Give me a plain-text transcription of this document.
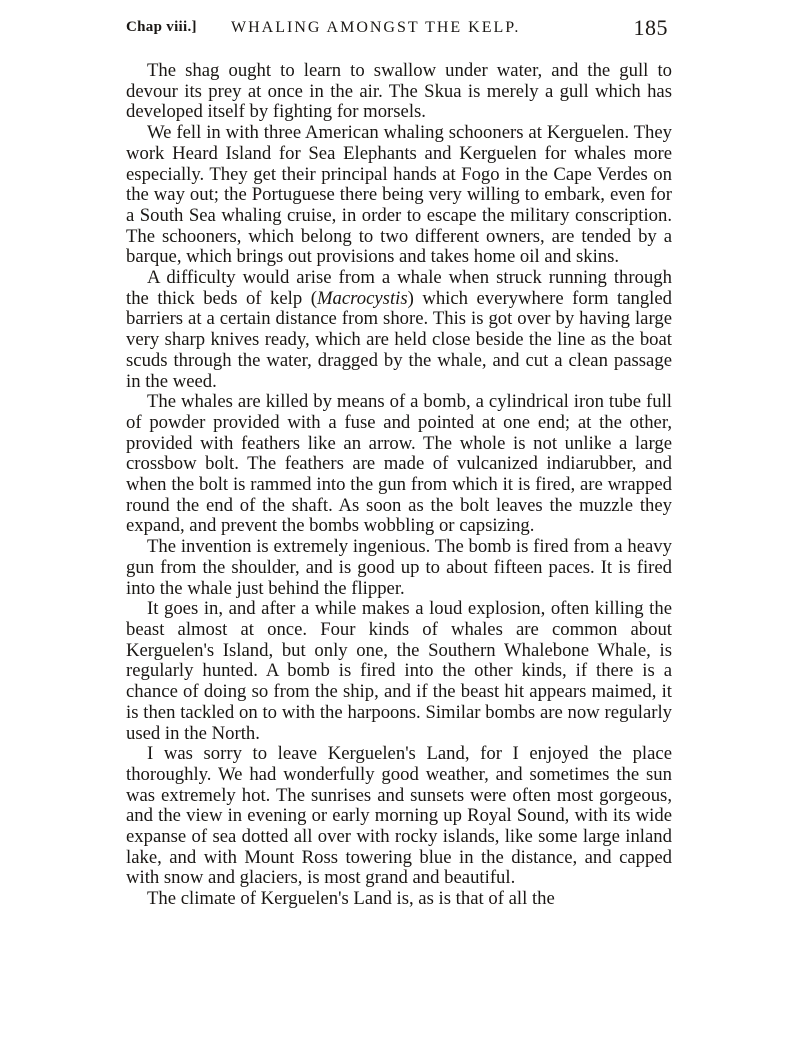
Chap viii.] WHALING AMONGST THE KELP.	185

The shag ought to learn to swallow under water, and the gull to devour its prey at once in the air. The Skua is merely a gull which has developed itself by fighting for morsels.

We fell in with three American whaling schooners at Kerguelen. They work Heard Island for Sea Elephants and Kerguelen for whales more especially. They get their principal hands at Fogo in the Cape Verdes on the way out; the Portuguese there being very willing to embark, even for a South Sea whaling cruise, in order to escape the military conscription. The schooners, which belong to two different owners, are tended by a barque, which brings out provisions and takes home oil and skins.

A difficulty would arise from a whale when struck running through the thick beds of kelp (Macrocystis) which everywhere form tangled barriers at a certain distance from shore. This is got over by having large very sharp knives ready, which are held close beside the line as the boat scuds through the water, dragged by the whale, and cut a clean passage in the weed.

The whales are killed by means of a bomb, a cylindrical iron tube full of powder provided with a fuse and pointed at one end; at the other, provided with feathers like an arrow. The whole is not unlike a large crossbow bolt. The feathers are made of vulcanized indiarubber, and when the bolt is rammed into the gun from which it is fired, are wrapped round the end of the shaft. As soon as the bolt leaves the muzzle they expand, and prevent the bombs wobbling or capsizing.

The invention is extremely ingenious. The bomb is fired from a heavy gun from the shoulder, and is good up to about fifteen paces. It is fired into the whale just behind the flipper.

It goes in, and after a while makes a loud explosion, often killing the beast almost at once. Four kinds of whales are common about Kerguelen's Island, but only one, the Southern Whalebone Whale, is regularly hunted. A bomb is fired into the other kinds, if there is a chance of doing so from the ship, and if the beast hit appears maimed, it is then tackled on to with the harpoons. Similar bombs are now regularly used in the North.

I was sorry to leave Kerguelen's Land, for I enjoyed the place thoroughly. We had wonderfully good weather, and sometimes the sun was extremely hot. The sunrises and sunsets were often most gorgeous, and the view in evening or early morning up Royal Sound, with its wide expanse of sea dotted all over with rocky islands, like some large inland lake, and with Mount Ross towering blue in the distance, and capped with snow and glaciers, is most grand and beautiful.

The climate of Kerguelen's Land is, as is that of all the
